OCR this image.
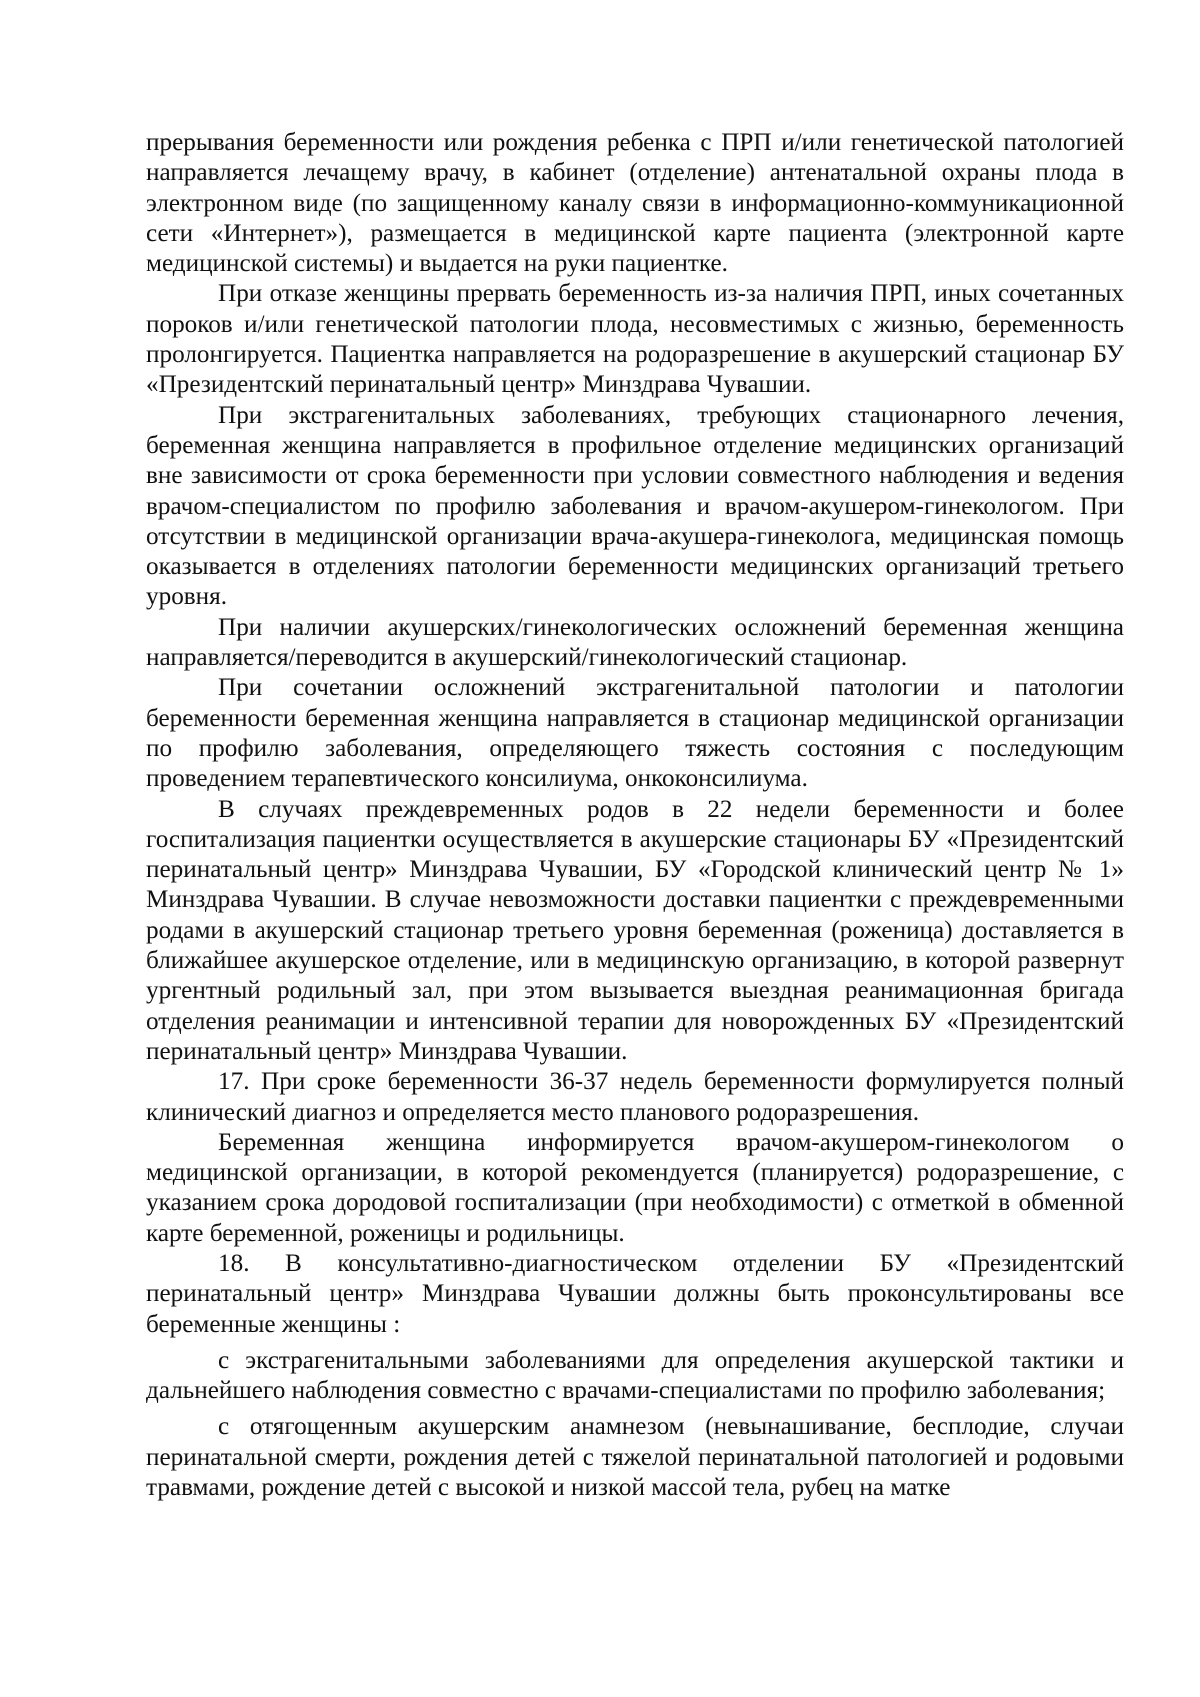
прерывания беременности или рождения ребенка с ПРП и/или генетической патологией направляется лечащему врачу, в кабинет (отделение) антенатальной охраны плода в электронном виде (по защищенному каналу связи в информационно-коммуникационной сети «Интернет»), размещается в медицинской карте пациента (электронной карте медицинской системы) и выдается на руки пациентке.

При отказе женщины прервать беременность из-за наличия ПРП, иных сочетанных пороков и/или генетической патологии плода, несовместимых с жизнью, беременность пролонгируется. Пациентка направляется на родоразрешение в акушерский стационар БУ «Президентский перинатальный центр» Минздрава Чувашии.

При экстрагенитальных заболеваниях, требующих стационарного лечения, беременная женщина направляется в профильное отделение медицинских организаций вне зависимости от срока беременности при условии совместного наблюдения и ведения врачом-специалистом по профилю заболевания и врачом-акушером-гинекологом. При отсутствии в медицинской организации врача-акушера-гинеколога, медицинская помощь оказывается в отделениях патологии беременности медицинских организаций третьего уровня.

При наличии акушерских/гинекологических осложнений беременная женщина направляется/переводится в акушерский/гинекологический стационар.

При сочетании осложнений экстрагенитальной патологии и патологии беременности беременная женщина направляется в стационар медицинской организации по профилю заболевания, определяющего тяжесть состояния с последующим проведением терапевтического консилиума, онкоконсилиума.

В случаях преждевременных родов в 22 недели беременности и более госпитализация пациентки осуществляется в акушерские стационары БУ «Президентский перинатальный центр» Минздрава Чувашии, БУ «Городской клинический центр № 1» Минздрава Чувашии. В случае невозможности доставки пациентки с преждевременными родами в акушерский стационар третьего уровня беременная (роженица) доставляется в ближайшее акушерское отделение, или в медицинскую организацию, в которой развернут ургентный родильный зал, при этом вызывается выездная реанимационная бригада отделения реанимации и интенсивной терапии для новорожденных БУ «Президентский перинатальный центр» Минздрава Чувашии.

17. При сроке беременности 36-37 недель беременности формулируется полный клинический диагноз и определяется место планового родоразрешения.

Беременная женщина информируется врачом-акушером-гинекологом о медицинской организации, в которой рекомендуется (планируется) родоразрешение, с указанием срока дородовой госпитализации (при необходимости) с отметкой в обменной карте беременной, роженицы и родильницы.

18. В консультативно-диагностическом отделении БУ «Президентский перинатальный центр» Минздрава Чувашии должны быть проконсультированы все беременные женщины :

с экстрагенитальными заболеваниями для определения акушерской тактики и дальнейшего наблюдения совместно с врачами-специалистами по профилю заболевания;

с отягощенным акушерским анамнезом (невынашивание, бесплодие, случаи перинатальной смерти, рождения детей с тяжелой перинатальной патологией и родовыми травмами, рождение детей с высокой и низкой массой тела, рубец на матке
